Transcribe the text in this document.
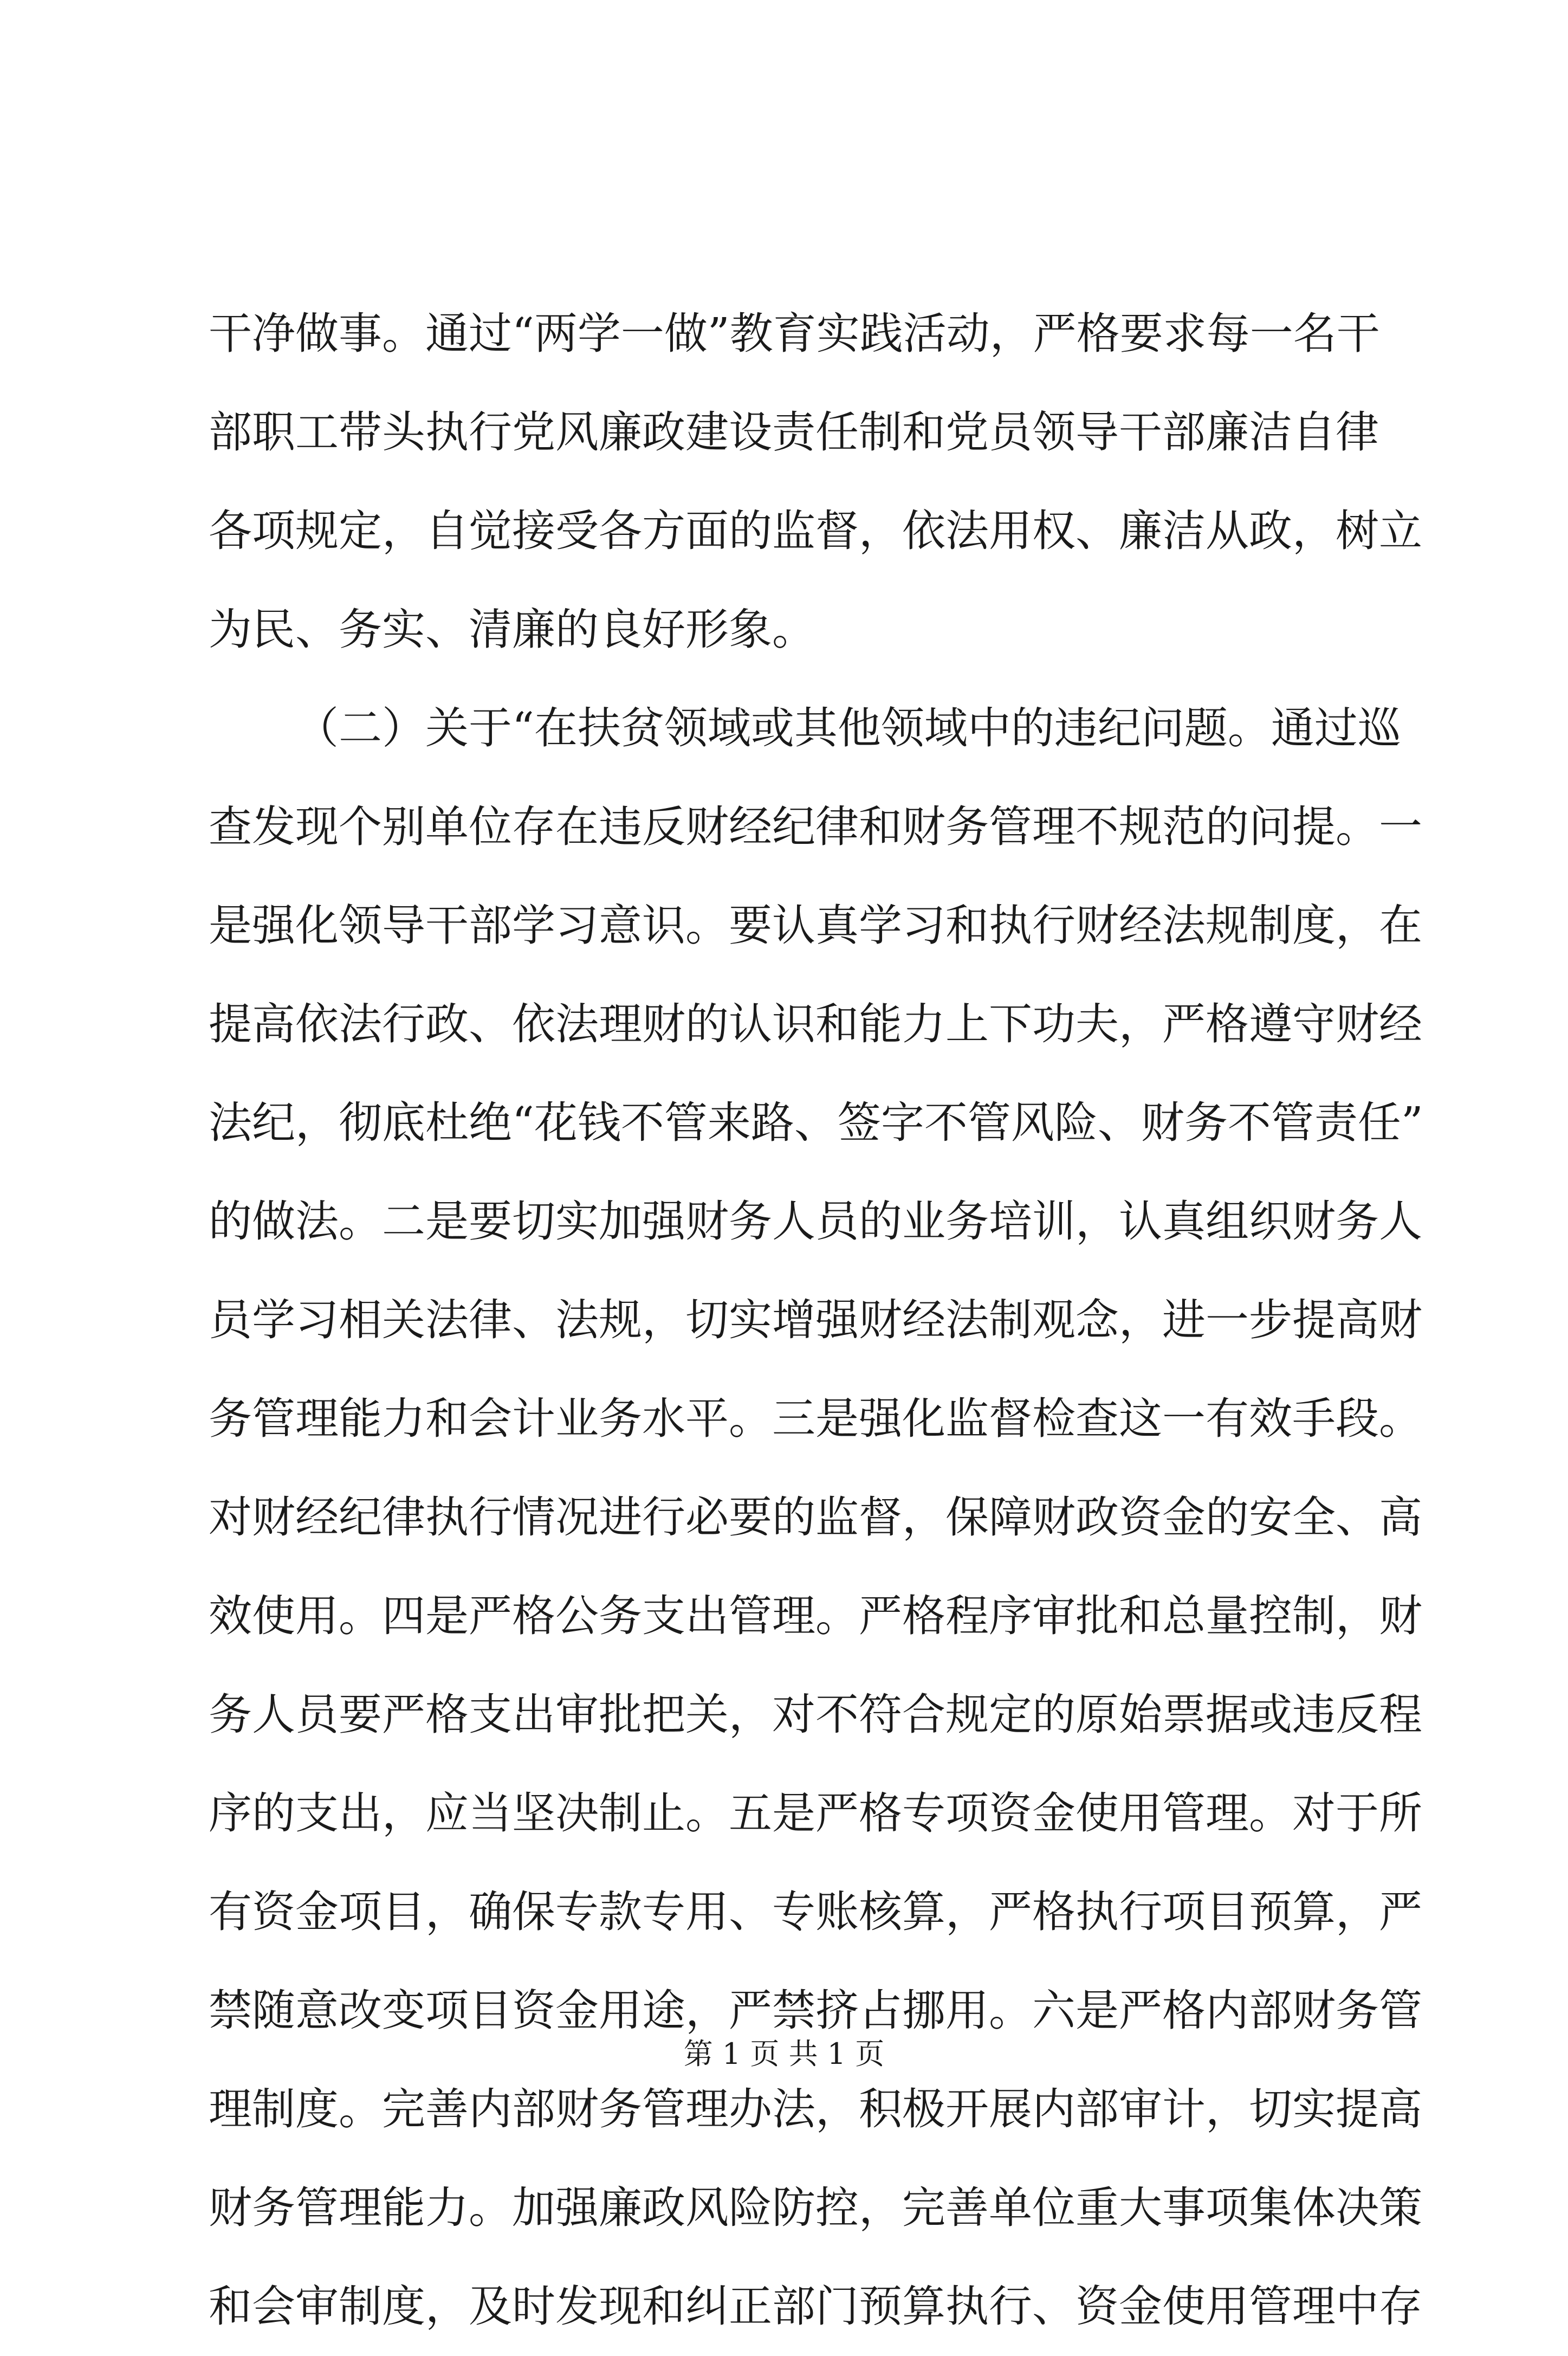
干净做事。通过“两学一做”教育实践活动，严格要求每一名干
部职工带头执行党风廉政建设责任制和党员领导干部廉洁自律
各项规定，自觉接受各方面的监督，依法用权、廉洁从政，树立
为民、务实、清廉的良好形象。
（二）关于“在扶贫领域或其他领域中的违纪问题。通过巡
查发现个别单位存在违反财经纪律和财务管理不规范的问提。一
是强化领导干部学习意识。要认真学习和执行财经法规制度，在
提高依法行政、依法理财的认识和能力上下功夫，严格遵守财经
法纪，彻底杜绝“花钱不管来路、签字不管风险、财务不管责任”
的做法。二是要切实加强财务人员的业务培训，认真组织财务人
员学习相关法律、法规，切实增强财经法制观念，进一步提高财
务管理能力和会计业务水平。三是强化监督检查这一有效手段。
对财经纪律执行情况进行必要的监督，保障财政资金的安全、高
效使用。四是严格公务支出管理。严格程序审批和总量控制，财
务人员要严格支出审批把关，对不符合规定的原始票据或违反程
序的支出，应当坚决制止。五是严格专项资金使用管理。对于所
有资金项目，确保专款专用、专账核算，严格执行项目预算，严
禁随意改变项目资金用途，严禁挤占挪用。六是严格内部财务管
理制度。完善内部财务管理办法，积极开展内部审计，切实提高
财务管理能力。加强廉政风险防控，完善单位重大事项集体决策
和会审制度，及时发现和纠正部门预算执行、资金使用管理中存
第 1 页 共 1 页
